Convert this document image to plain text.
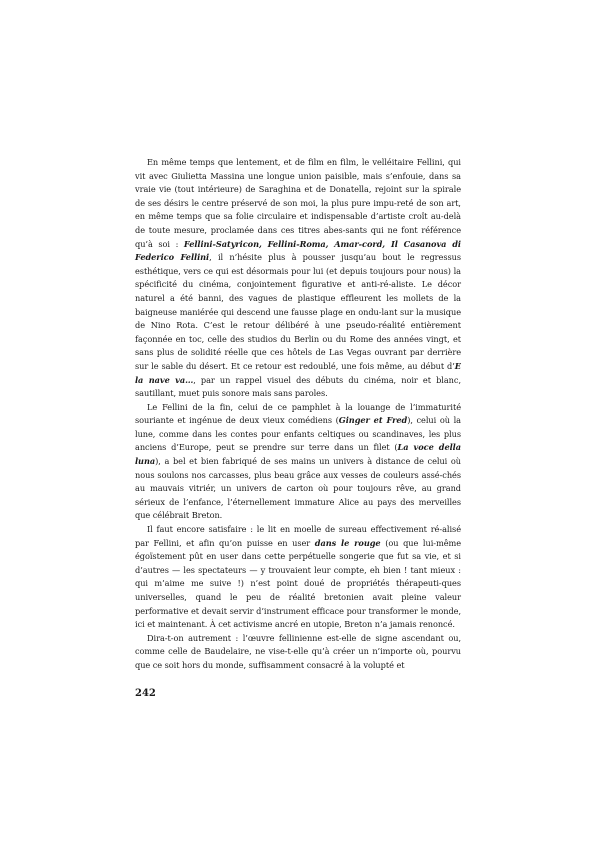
En même temps que lentement, et de film en film, le velléitaire Fellini, qui vit avec Giulietta Massina une longue union paisible, mais s’enfouie, dans sa vraie vie (tout intérieure) de Saraghina et de Donatella, rejoint sur la spirale de ses désirs le centre préservé de son moi, la plus pure impu-reté de son art, en même temps que sa folie circulaire et indispensable d’artiste croît au-delà de toute mesure, proclamée dans ces titres abes-sants qui ne font référence qu’à soi : Fellini-Satyricon, Fellini-Roma, Amar-cord, Il Casanova di Federico Fellini, il n’hésite plus à pousser jusqu’au bout le regressus esthétique, vers ce qui est désormais pour lui (et depuis toujours pour nous) la spécificité du cinéma, conjointement figurative et anti-ré-aliste. Le décor naturel a été banni, des vagues de plastique effleurent les mollets de la baigneuse maniérée qui descend une fausse plage en ondu-lant sur la musique de Nino Rota. C’est le retour délibéré à une pseudo-réalité entièrement façonnée en toc, celle des studios du Berlin ou du Rome des années vingt, et sans plus de solidité réelle que ces hôtels de Las Vegas ouvrant par derrière sur le sable du désert. Et ce retour est redoublé, une fois même, au début d’E la nave va…, par un rappel visuel des débuts du cinéma, noir et blanc, sautillant, muet puis sonore mais sans paroles.

Le Fellini de la fin, celui de ce pamphlet à la louange de l’immaturité souriante et ingénue de deux vieux comédiens (Ginger et Fred), celui où la lune, comme dans les contes pour enfants celtiques ou scandinaves, les plus anciens d’Europe, peut se prendre sur terre dans un filet (La voce della luna), a bel et bien fabriqué de ses mains un univers à distance de celui où nous soulons nos carcasses, plus beau grâce aux vesses de couleurs assé-chés au mauvais vitriér, un univers de carton où pour toujours rêve, au grand sérieux de l’enfance, l’éternellement immature Alice au pays des merveilles que célébrait Breton.

Il faut encore satisfaire : le lit en moelle de sureau effectivement ré-alisé par Fellini, et afin qu’on puisse en user dans le rouge (ou que lui-même égoïstement pût en user dans cette perpétuelle songerie que fut sa vie, et si d’autres — les spectateurs — y trouvaient leur compte, eh bien ! tant mieux : qui m’aime me suive !) n’est point doué de propriétés thérapeuti-ques universelles, quand le peu de réalité bretonien avait pleine valeur performative et devait servir d’instrument efficace pour transformer le monde, ici et maintenant. À cet activisme ancré en utopie, Breton n’a jamais renoncé.

Dira-t-on autrement : l’œuvre fellinienne est-elle de signe ascendant ou, comme celle de Baudelaire, ne vise-t-elle qu’à créer un n’importe où, pourvu que ce soit hors du monde, suffisamment consacré à la volupté et

242
